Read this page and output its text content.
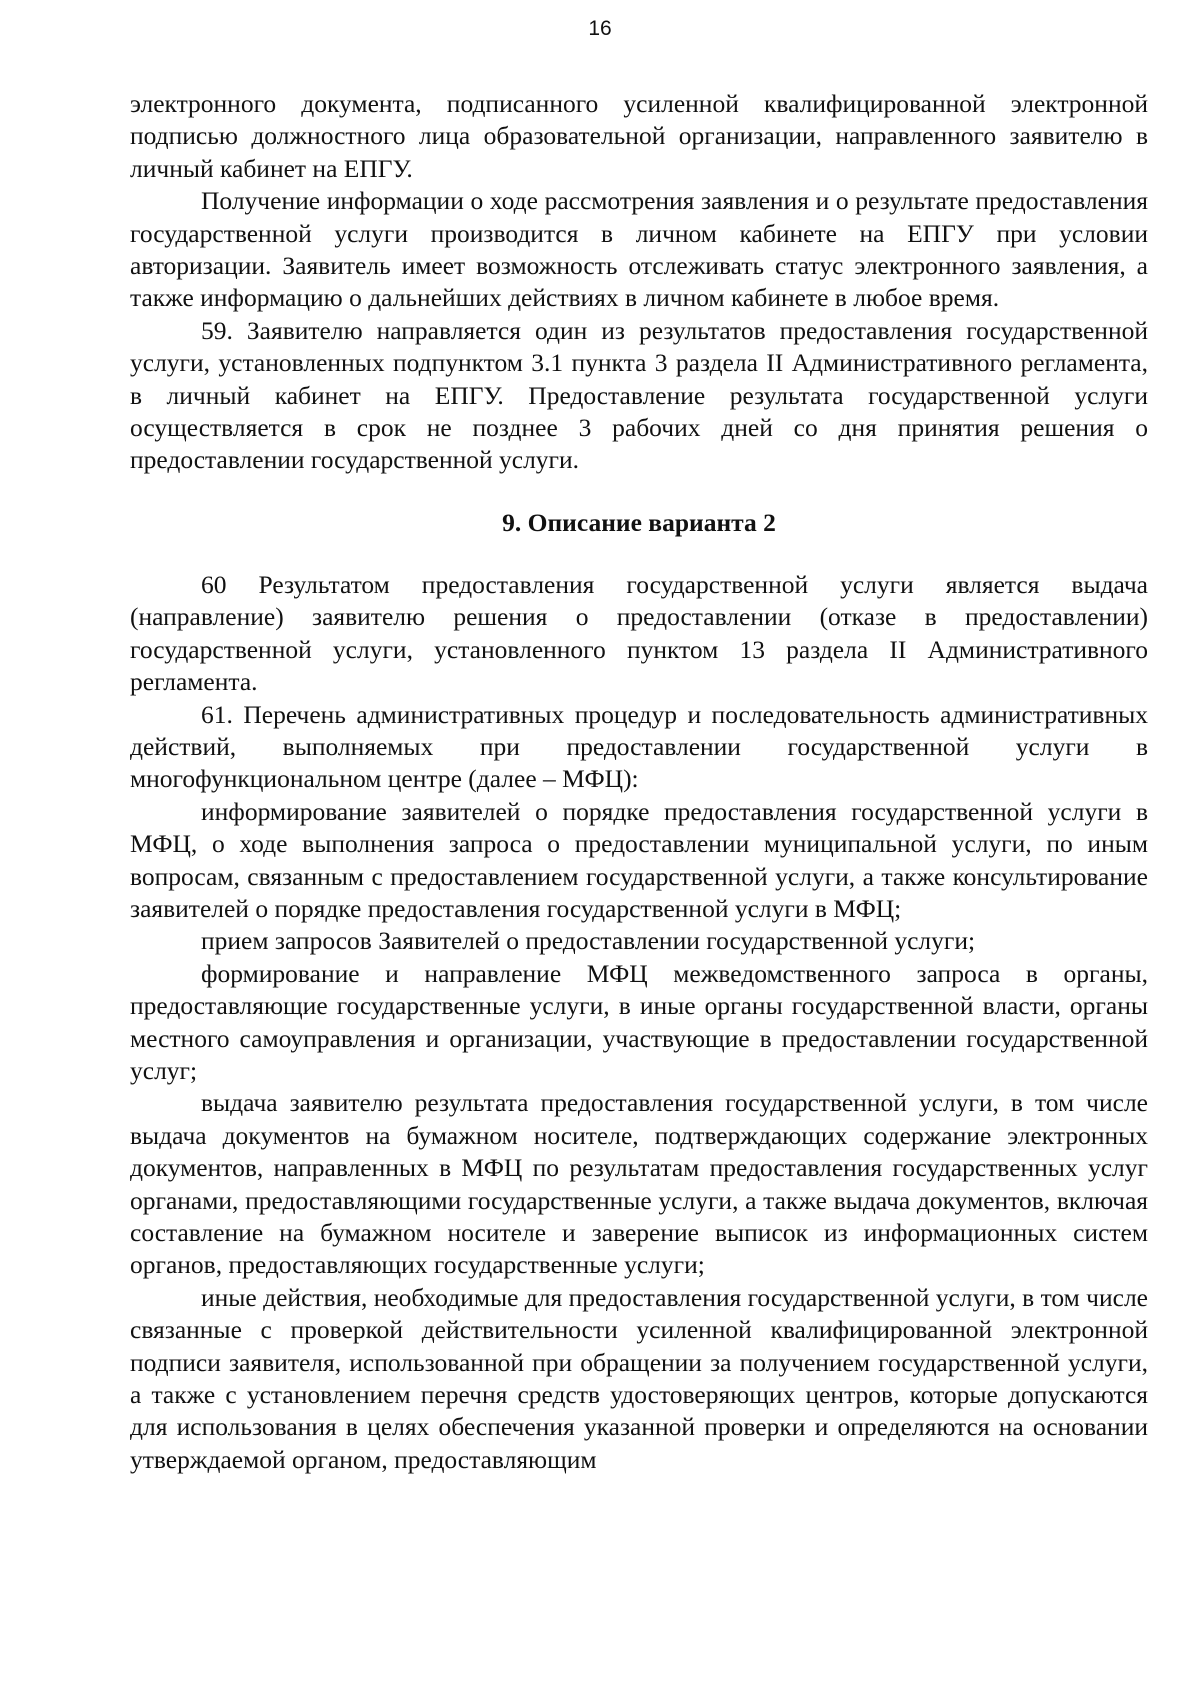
16

электронного документа, подписанного усиленной квалифицированной электронной подписью должностного лица образовательной организации, направленного заявителю в личный кабинет на ЕПГУ.

Получение информации о ходе рассмотрения заявления и о результате предоставления государственной услуги производится в личном кабинете на ЕПГУ при условии авторизации. Заявитель имеет возможность отслеживать статус электронного заявления, а также информацию о дальнейших действиях в личном кабинете в любое время.

59. Заявителю направляется один из результатов предоставления государственной услуги, установленных подпунктом 3.1 пункта 3 раздела II Административного регламента, в личный кабинет на ЕПГУ. Предоставление результата государственной услуги осуществляется в срок не позднее 3 рабочих дней со дня принятия решения о предоставлении государственной услуги.

9. Описание варианта 2

60 Результатом предоставления государственной услуги является выдача (направление) заявителю решения о предоставлении (отказе в предоставлении) государственной услуги, установленного пунктом 13 раздела II Административного регламента.

61. Перечень административных процедур и последовательность административных действий, выполняемых при предоставлении государственной услуги в многофункциональном центре (далее – МФЦ):

информирование заявителей о порядке предоставления государственной услуги в МФЦ, о ходе выполнения запроса о предоставлении муниципальной услуги, по иным вопросам, связанным с предоставлением государственной услуги, а также консультирование заявителей о порядке предоставления государственной услуги в МФЦ;

прием запросов Заявителей о предоставлении государственной услуги;

формирование и направление МФЦ межведомственного запроса в органы, предоставляющие государственные услуги, в иные органы государственной власти, органы местного самоуправления и организации, участвующие в предоставлении государственной услуг;

выдача заявителю результата предоставления государственной услуги, в том числе выдача документов на бумажном носителе, подтверждающих содержание электронных документов, направленных в МФЦ по результатам предоставления государственных услуг органами, предоставляющими государственные услуги, а также выдача документов, включая составление на бумажном носителе и заверение выписок из информационных систем органов, предоставляющих государственные услуги;

иные действия, необходимые для предоставления государственной услуги, в том числе связанные с проверкой действительности усиленной квалифицированной электронной подписи заявителя, использованной при обращении за получением государственной услуги, а также с установлением перечня средств удостоверяющих центров, которые допускаются для использования в целях обеспечения указанной проверки и определяются на основании утверждаемой органом, предоставляющим
